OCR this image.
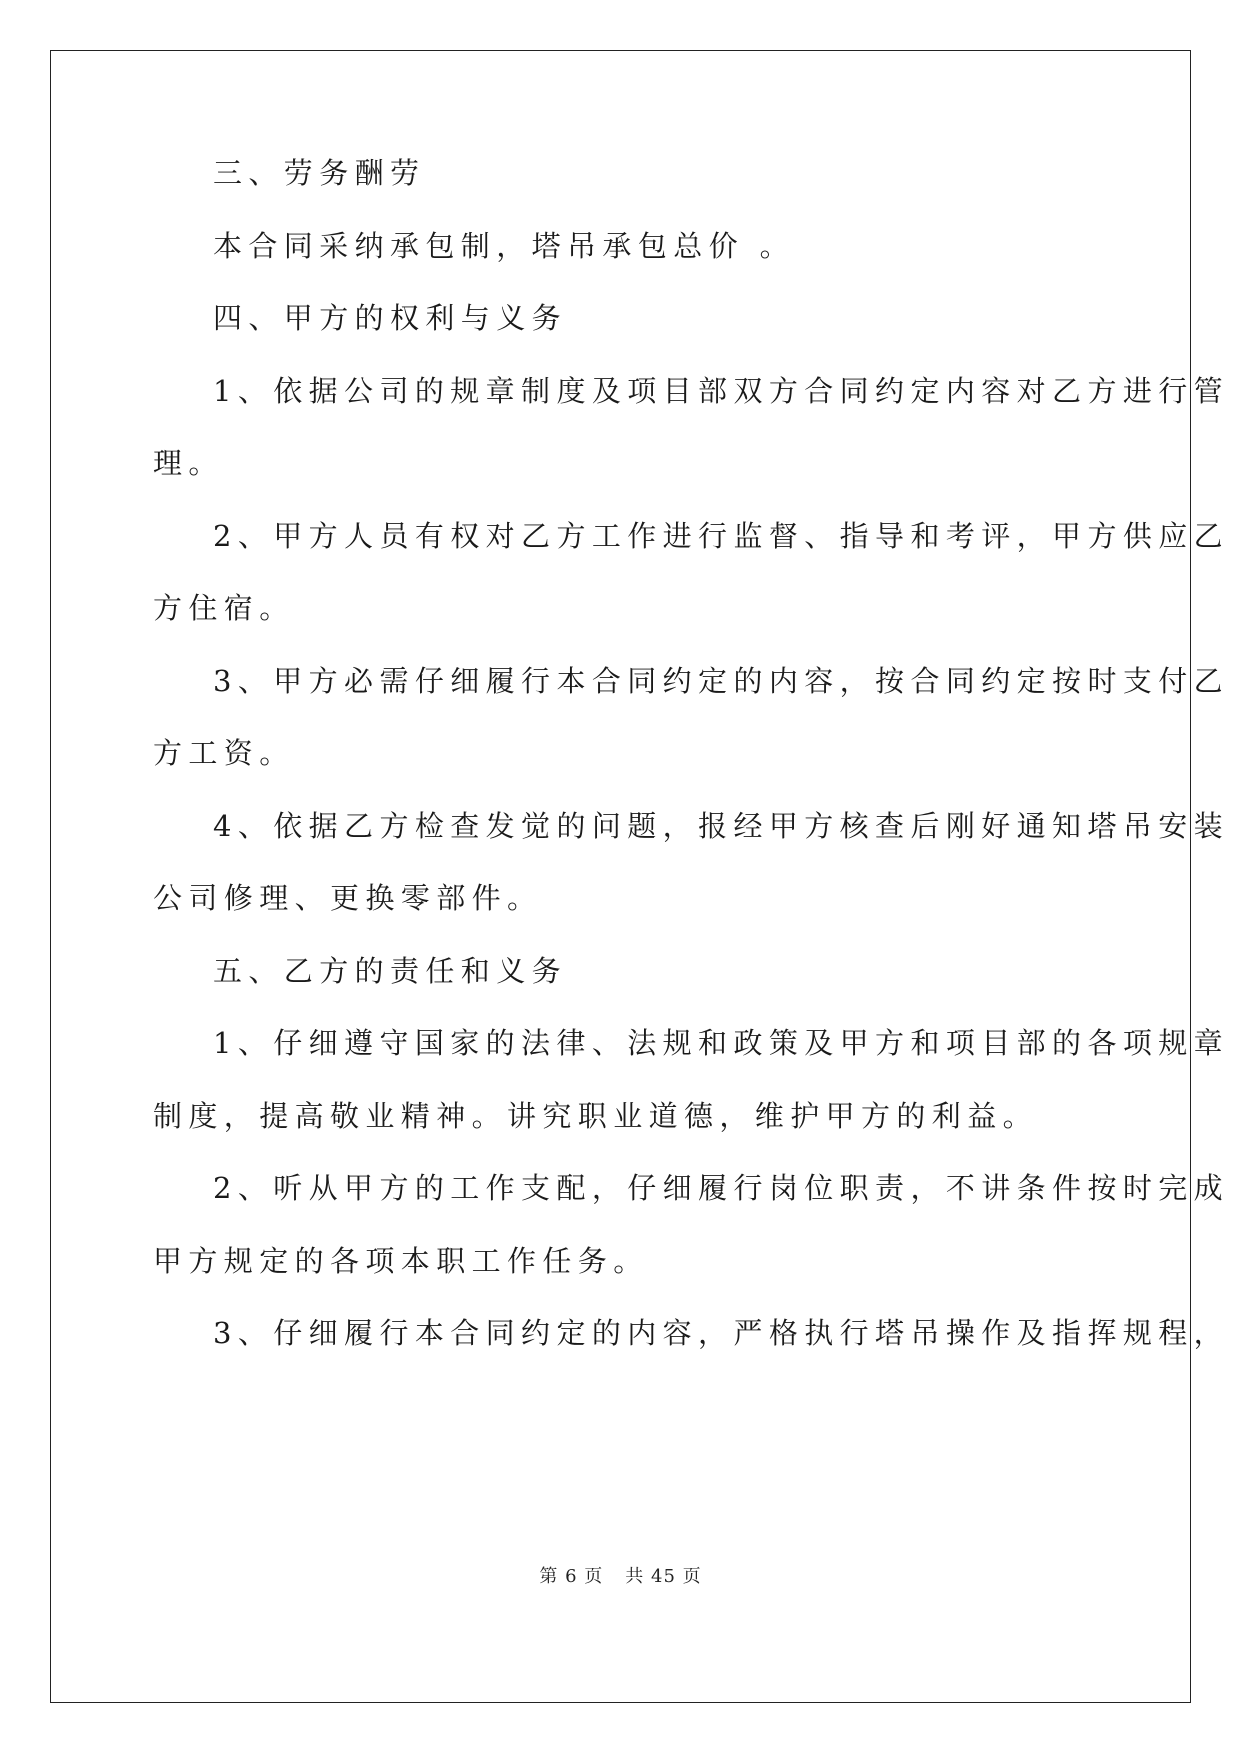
三、劳务酬劳
本合同采纳承包制，塔吊承包总价 。
四、甲方的权利与义务
1、依据公司的规章制度及项目部双方合同约定内容对乙方进行管
理。
2、甲方人员有权对乙方工作进行监督、指导和考评，甲方供应乙
方住宿。
3、甲方必需仔细履行本合同约定的内容，按合同约定按时支付乙
方工资。
4、依据乙方检查发觉的问题，报经甲方核查后刚好通知塔吊安装
公司修理、更换零部件。
五、乙方的责任和义务
1、仔细遵守国家的法律、法规和政策及甲方和项目部的各项规章
制度，提高敬业精神。讲究职业道德，维护甲方的利益。
2、听从甲方的工作支配，仔细履行岗位职责，不讲条件按时完成
甲方规定的各项本职工作任务。
3、仔细履行本合同约定的内容，严格执行塔吊操作及指挥规程，
第 6 页 共 45 页
